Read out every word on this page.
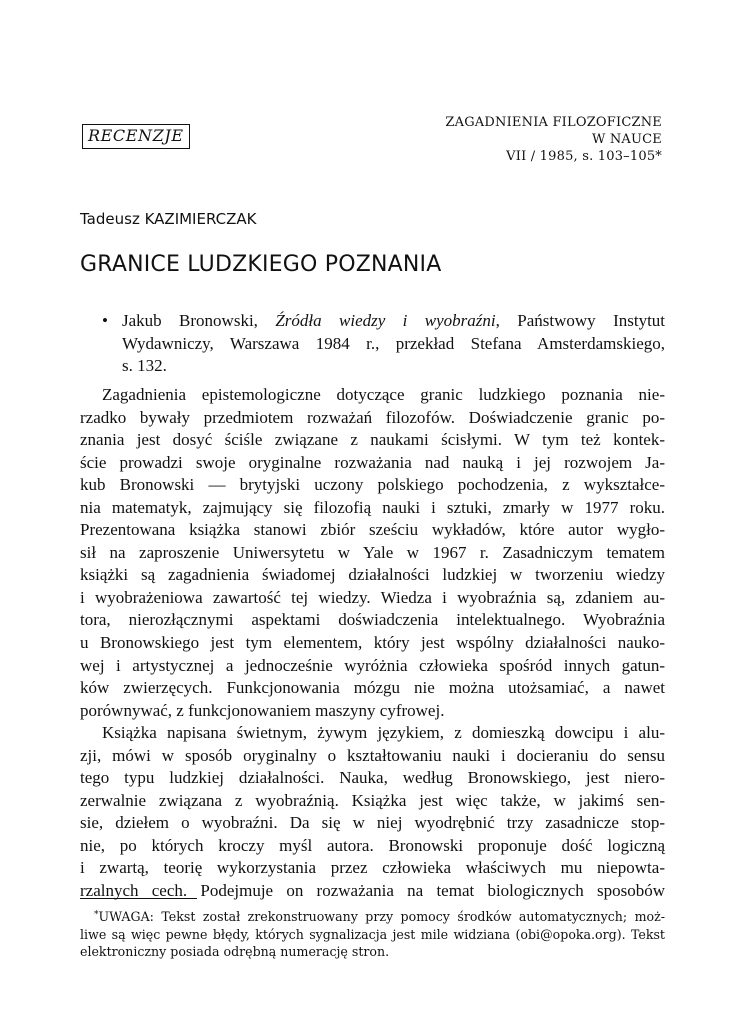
RECENZJE
ZAGADNIENIA FILOZOFICZNE
W NAUCE
VII / 1985, s. 103–105*
Tadeusz KAZIMIERCZAK
GRANICE LUDZKIEGO POZNANIA
• Jakub Bronowski, Źródła wiedzy i wyobraźni, Państwowy Instytut
Wydawniczy, Warszawa 1984 r., przekład Stefana Amsterdamskiego,
s. 132.
Zagadnienia epistemologiczne dotyczące granic ludzkiego poznania nie-
rzadko bywały przedmiotem rozważań filozofów. Doświadczenie granic po-
znania jest dosyć ściśle związane z naukami ścisłymi. W tym też kontek-
ście prowadzi swoje oryginalne rozważania nad nauką i jej rozwojem Ja-
kub Bronowski — brytyjski uczony polskiego pochodzenia, z wykształce-
nia matematyk, zajmujący się filozofią nauki i sztuki, zmarły w 1977 roku.
Prezentowana książka stanowi zbiór sześciu wykładów, które autor wygło-
sił na zaproszenie Uniwersytetu w Yale w 1967 r. Zasadniczym tematem
książki są zagadnienia świadomej działalności ludzkiej w tworzeniu wiedzy
i wyobrażeniowa zawartość tej wiedzy. Wiedza i wyobraźnia są, zdaniem au-
tora, nierozłącznymi aspektami doświadczenia intelektualnego. Wyobraźnia
u Bronowskiego jest tym elementem, który jest wspólny działalności nauko-
wej i artystycznej a jednocześnie wyróżnia człowieka spośród innych gatun-
ków zwierzęcych. Funkcjonowania mózgu nie można utożsamiać, a nawet
porównywać, z funkcjonowaniem maszyny cyfrowej.
Książka napisana świetnym, żywym językiem, z domieszką dowcipu i alu-
zji, mówi w sposób oryginalny o kształtowaniu nauki i docieraniu do sensu
tego typu ludzkiej działalności. Nauka, według Bronowskiego, jest niero-
zerwalnie związana z wyobraźnią. Książka jest więc także, w jakimś sen-
sie, dziełem o wyobraźni. Da się w niej wyodrębnić trzy zasadnicze stop-
nie, po których kroczy myśl autora. Bronowski proponuje dość logiczną
i zwartą, teorię wykorzystania przez człowieka właściwych mu niepowta-
rzalnych cech. Podejmuje on rozważania na temat biologicznych sposobów
*UWAGA: Tekst został zrekonstruowany przy pomocy środków automatycznych; moż-
liwe są więc pewne błędy, których sygnalizacja jest mile widziana (obi@opoka.org). Tekst
elektroniczny posiada odrębną numerację stron.
